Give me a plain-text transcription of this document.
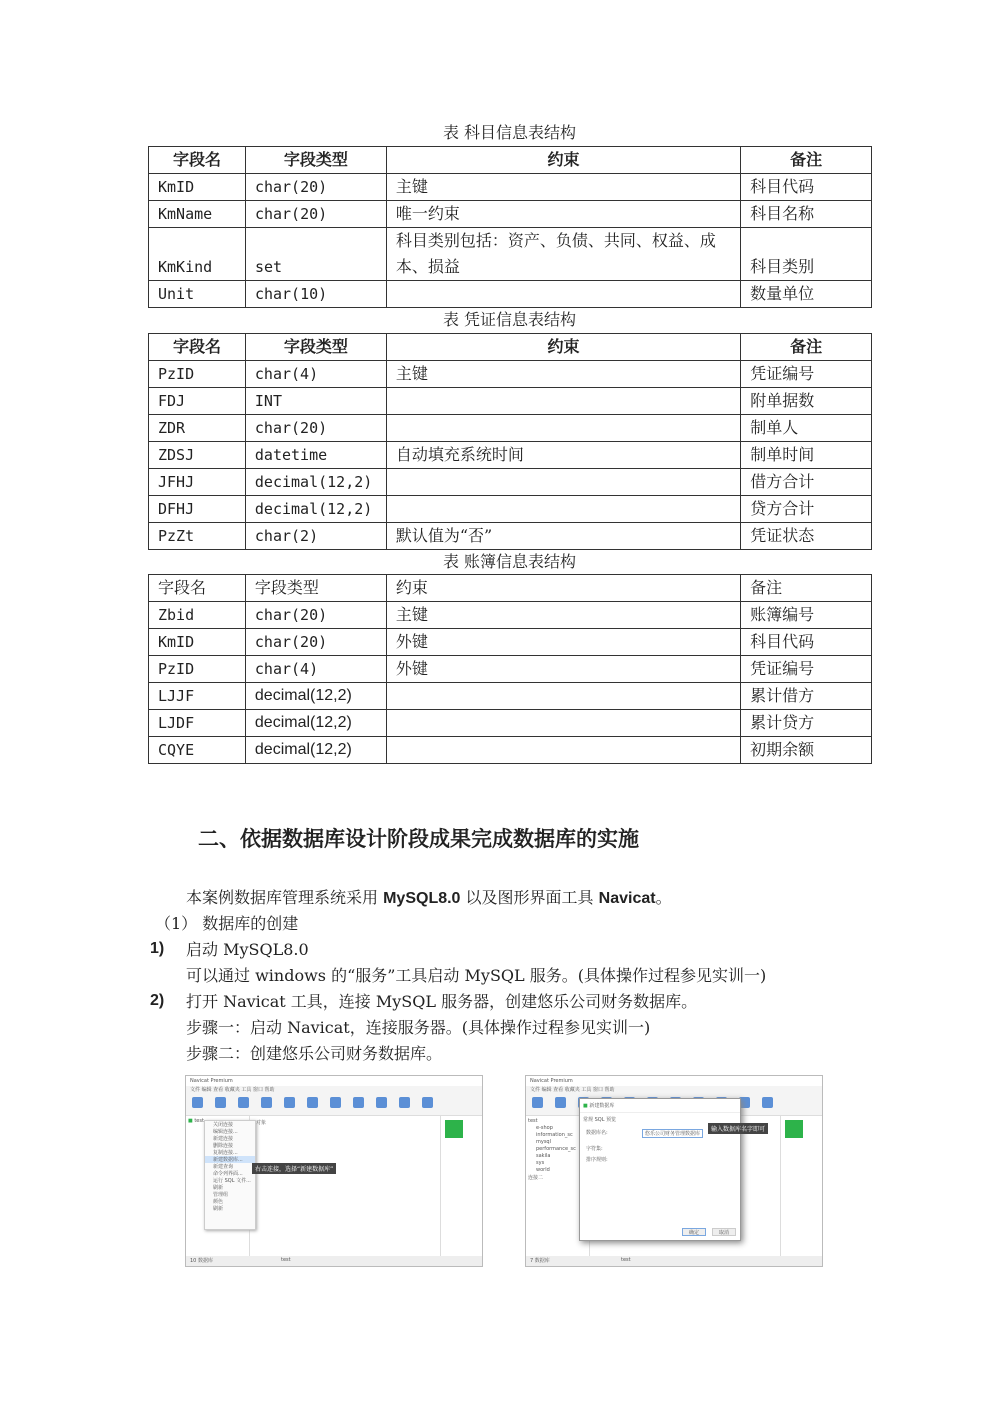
表 科目信息表结构
字段名	字段类型	约束	备注
KmID	char(20)	主键	科目代码
KmName	char(20)	唯一约束	科目名称
KmKind	set	科目类别包括：资产、负债、共同、权益、成本、损益	科目类别
Unit	char(10)		数量单位
表 凭证信息表结构
字段名	字段类型	约束	备注
PzID	char(4)	主键	凭证编号
FDJ	INT		附单据数
ZDR	char(20)		制单人
ZDSJ	datetime	自动填充系统时间	制单时间
JFHJ	decimal(12,2)		借方合计
DFHJ	decimal(12,2)		贷方合计
PzZt	char(2)	默认值为“否”	凭证状态
表 账簿信息表结构
字段名	字段类型	约束	备注
Zbid	char(20)	主键	账簿编号
KmID	char(20)	外键	科目代码
PzID	char(4)	外键	凭证编号
LJJF	decimal(12,2)		累计借方
LJDF	decimal(12,2)		累计贷方
CQYE	decimal(12,2)		初期余额
二、依据数据库设计阶段成果完成数据库的实施
本案例数据库管理系统采用 MySQL8.0 以及图形界面工具 Navicat。
（1） 数据库的创建
1) 启动 MySQL8.0
可以通过 windows 的“服务”工具启动 MySQL 服务。(具体操作过程参见实训一)
2) 打开 Navicat 工具，连接 MySQL 服务器，创建悠乐公司财务数据库。
步骤一：启动 Navicat，连接服务器。(具体操作过程参见实训一)
步骤二：创建悠乐公司财务数据库。
Navicat Premium
文件 编辑 查看 收藏夹 工具 窗口 帮助
■ test	对象
关闭连接
编辑连接...
新建连接
删除连接
复制连接...
新建数据库...
新建查询
命令列界面...
运行 SQL 文件...
刷新
管理组
颜色
刷新
右击连接，选择“新建数据库”
10 数据库	test
Navicat Premium
文件 编辑 查看 收藏夹 工具 窗口 帮助
test
e-shop
information_sc
mysql
performance_sc
sakila
sys
world
连接二
■ 新建数据库
常规 SQL 预览
数据库名:	悠乐公司财务管理数据库
字符集:
排序规则:
确定	取消
输入数据库名字即可
7 数据库	test
